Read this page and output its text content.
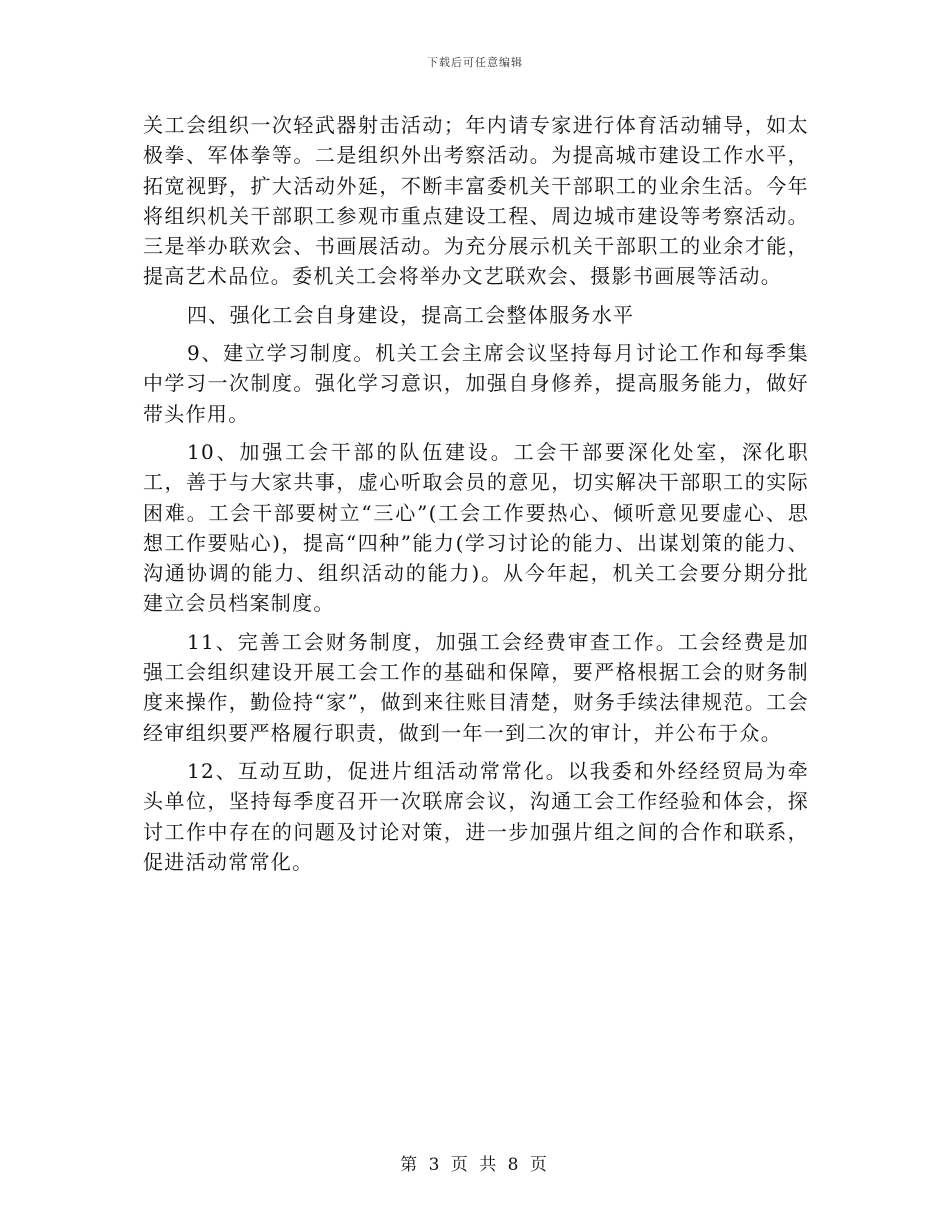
下载后可任意编辑

关工会组织一次轻武器射击活动；年内请专家进行体育活动辅导，如太极拳、军体拳等。二是组织外出考察活动。为提高城市建设工作水平，拓宽视野，扩大活动外延，不断丰富委机关干部职工的业余生活。今年将组织机关干部职工参观市重点建设工程、周边城市建设等考察活动。三是举办联欢会、书画展活动。为充分展示机关干部职工的业余才能，提高艺术品位。委机关工会将举办文艺联欢会、摄影书画展等活动。

四、强化工会自身建设，提高工会整体服务水平

9、建立学习制度。机关工会主席会议坚持每月讨论工作和每季集中学习一次制度。强化学习意识，加强自身修养，提高服务能力，做好带头作用。

10、加强工会干部的队伍建设。工会干部要深化处室，深化职工，善于与大家共事，虚心听取会员的意见，切实解决干部职工的实际困难。工会干部要树立“三心”(工会工作要热心、倾听意见要虚心、思想工作要贴心)，提高“四种”能力(学习讨论的能力、出谋划策的能力、沟通协调的能力、组织活动的能力)。从今年起，机关工会要分期分批建立会员档案制度。

11、完善工会财务制度，加强工会经费审查工作。工会经费是加强工会组织建设开展工会工作的基础和保障，要严格根据工会的财务制度来操作，勤俭持“家”，做到来往账目清楚，财务手续法律规范。工会经审组织要严格履行职责，做到一年一到二次的审计，并公布于众。

12、互动互助，促进片组活动常常化。以我委和外经经贸局为牵头单位，坚持每季度召开一次联席会议，沟通工会工作经验和体会，探讨工作中存在的问题及讨论对策，进一步加强片组之间的合作和联系，促进活动常常化。

第 3 页 共 8 页
